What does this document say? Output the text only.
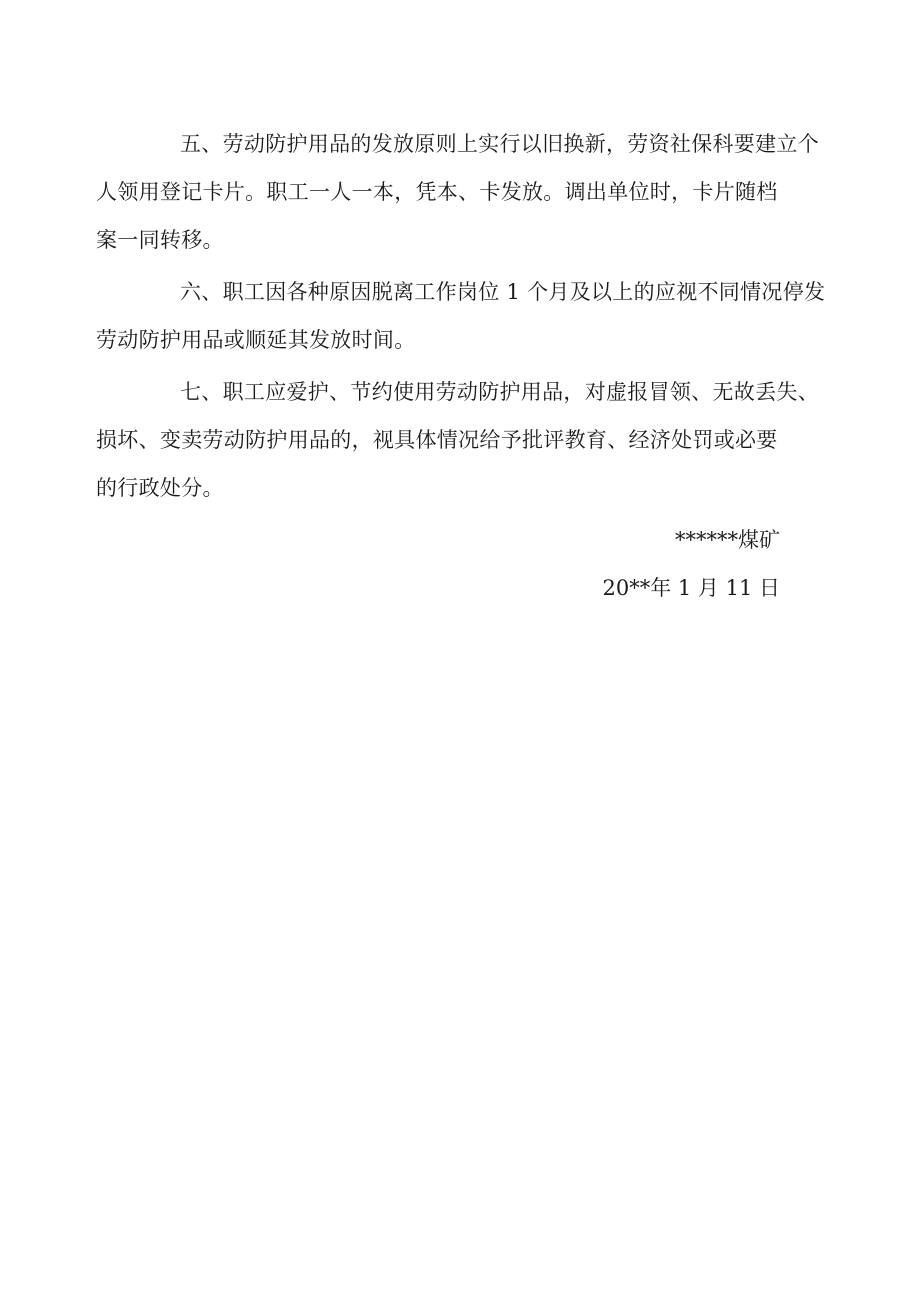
五、劳动防护用品的发放原则上实行以旧换新，劳资社保科要建立个
人领用登记卡片。职工一人一本，凭本、卡发放。调出单位时，卡片随档
案一同转移。

六、职工因各种原因脱离工作岗位 1 个月及以上的应视不同情况停发
劳动防护用品或顺延其发放时间。

七、职工应爱护、节约使用劳动防护用品，对虚报冒领、无故丢失、
损坏、变卖劳动防护用品的，视具体情况给予批评教育、经济处罚或必要
的行政处分。

******煤矿
20**年 1 月 11 日
